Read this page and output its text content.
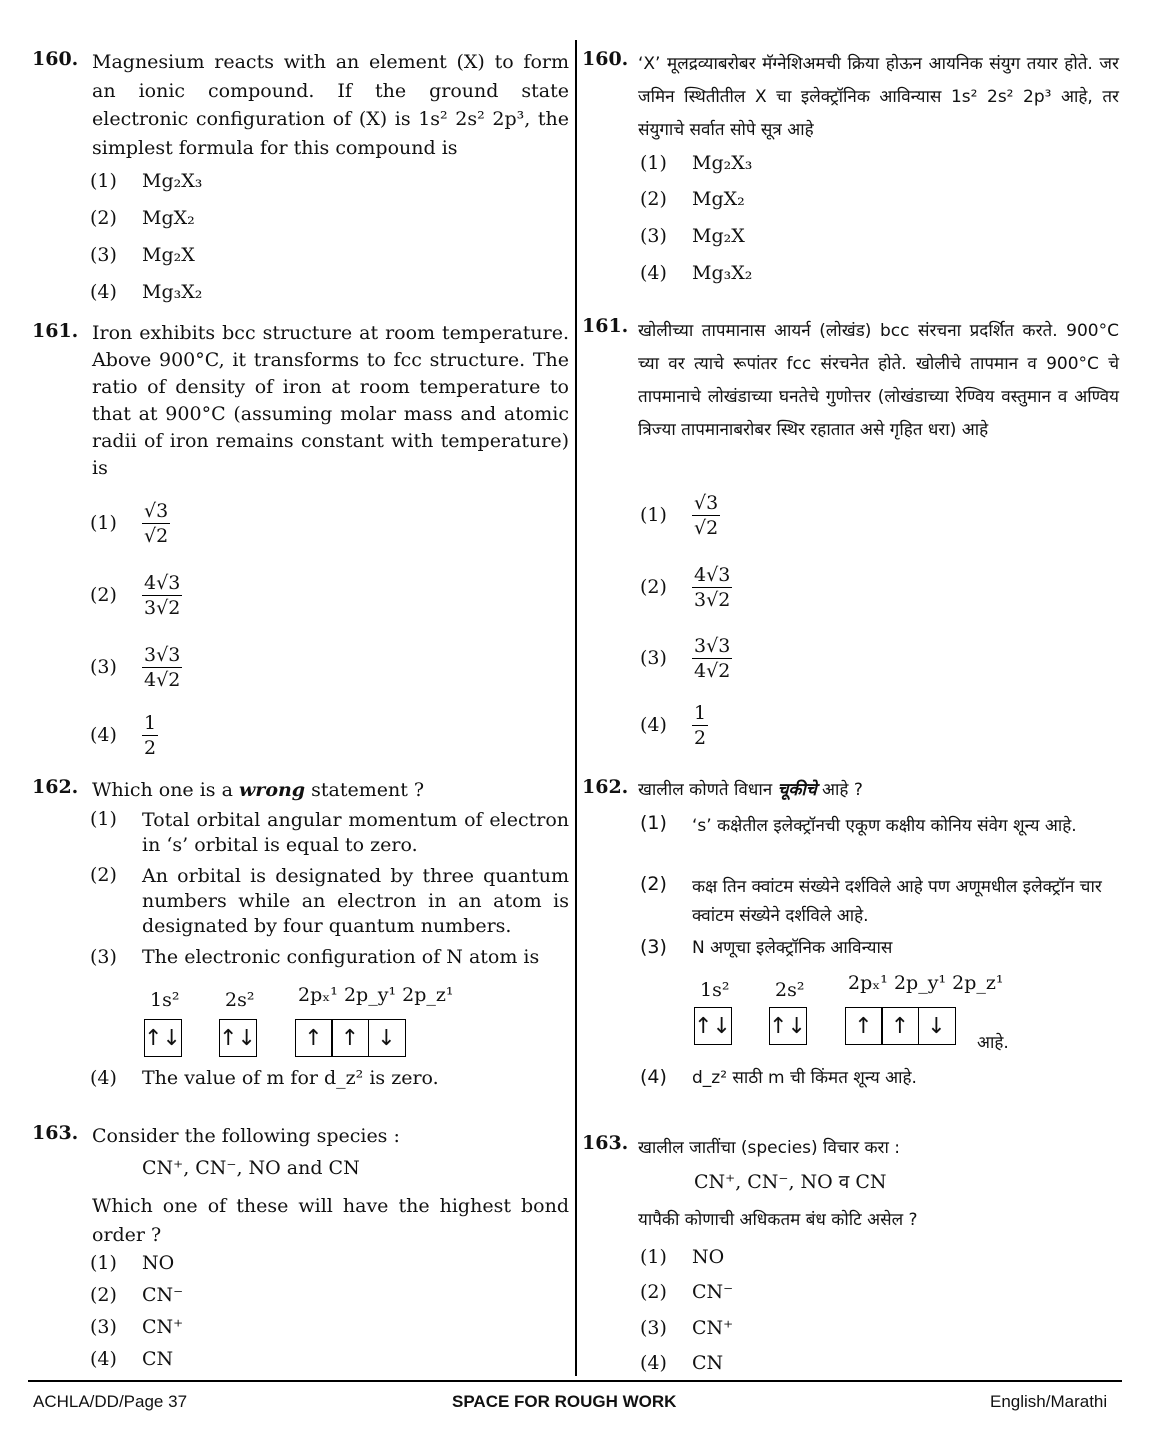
160. Magnesium reacts with an element (X) to form an ionic compound. If the ground state electronic configuration of (X) is 1s² 2s² 2p³, the simplest formula for this compound is
(1) Mg₂X₃
(2) MgX₂
(3) Mg₂X
(4) Mg₃X₂
161. Iron exhibits bcc structure at room temperature. Above 900°C, it transforms to fcc structure. The ratio of density of iron at room temperature to that at 900°C (assuming molar mass and atomic radii of iron remains constant with temperature) is
$(1) \frac{√3}{√2}$
$(2) \frac{4√3}{3√2}$
$(3) \frac{3√3}{4√2}$
$(4) \frac{1}{2}$
162. Which one is a wrong statement ?
(1)	Total orbital angular momentum of electron in ‘s’ orbital is equal to zero.
(2)	An orbital is designated by three quantum numbers while an electron in an atom is designated by four quantum numbers.
(3) The electronic configuration of N atom is
1s² 2s² 2pₓ¹ 2p_y¹ 2p_z¹
↑↓ ↑↓	↑ ↑ ↓
(4) The value of m for d_z² is zero.
163. Consider the following species :
CN⁺, CN⁻, NO and CN
Which one of these will have the highest bond order ?
(1) NO
(2) CN⁻
(3) CN⁺
(4) CN
160. ‘X’ मूलद्रव्याबरोबर मॅग्नेशिअमची क्रिया होऊन आयनिक संयुग तयार होते. जर जमिन स्थितीतील X चा इलेक्ट्रॉनिक आविन्यास 1s² 2s² 2p³ आहे, तर संयुगाचे सर्वात सोपे सूत्र आहे
(1) Mg₂X₃
(2) MgX₂
(3) Mg₂X
(4) Mg₃X₂
161. खोलीच्या तापमानास आयर्न (लोखंड) bcc संरचना प्रदर्शित करते. 900°C च्या वर त्याचे रूपांतर fcc संरचनेत होते. खोलीचे तापमान व 900°C चे तापमानाचे लोखंडाच्या घनतेचे गुणोत्तर (लोखंडाच्या रेण्विय वस्तुमान व अण्विय त्रिज्या तापमानाबरोबर स्थिर रहातात असे गृहित धरा) आहे
$(1) \frac{√3}{√2}$
$(2) \frac{4√3}{3√2}$
$(3) \frac{3√3}{4√2}$
$(4) \frac{1}{2}$
162. खालील कोणते विधान चूकीचे आहे ?
(1)	‘s’ कक्षेतील इलेक्ट्रॉनची एकूण कक्षीय कोनिय संवेग शून्य आहे.
(2)	कक्ष तिन क्वांटम संख्येने दर्शविले आहे पण अणूमधील इलेक्ट्रॉन चार क्वांटम संख्येने दर्शविले आहे.
(3) N अणूचा इलेक्ट्रॉनिक आविन्यास
1s² 2s² 2pₓ¹ 2p_y¹ 2p_z¹
↑↓ ↑↓	↑ ↑ ↓
आहे.
(4) d_z² साठी m ची किंमत शून्य आहे.
163. खालील जातींचा (species) विचार करा :
CN⁺, CN⁻, NO व CN
यापैकी कोणाची अधिकतम बंध कोटि असेल ?
(1) NO
(2) CN⁻
(3) CN⁺
(4) CN
ACHLA/DD/Page 37	SPACE FOR ROUGH WORK	English/Marathi
